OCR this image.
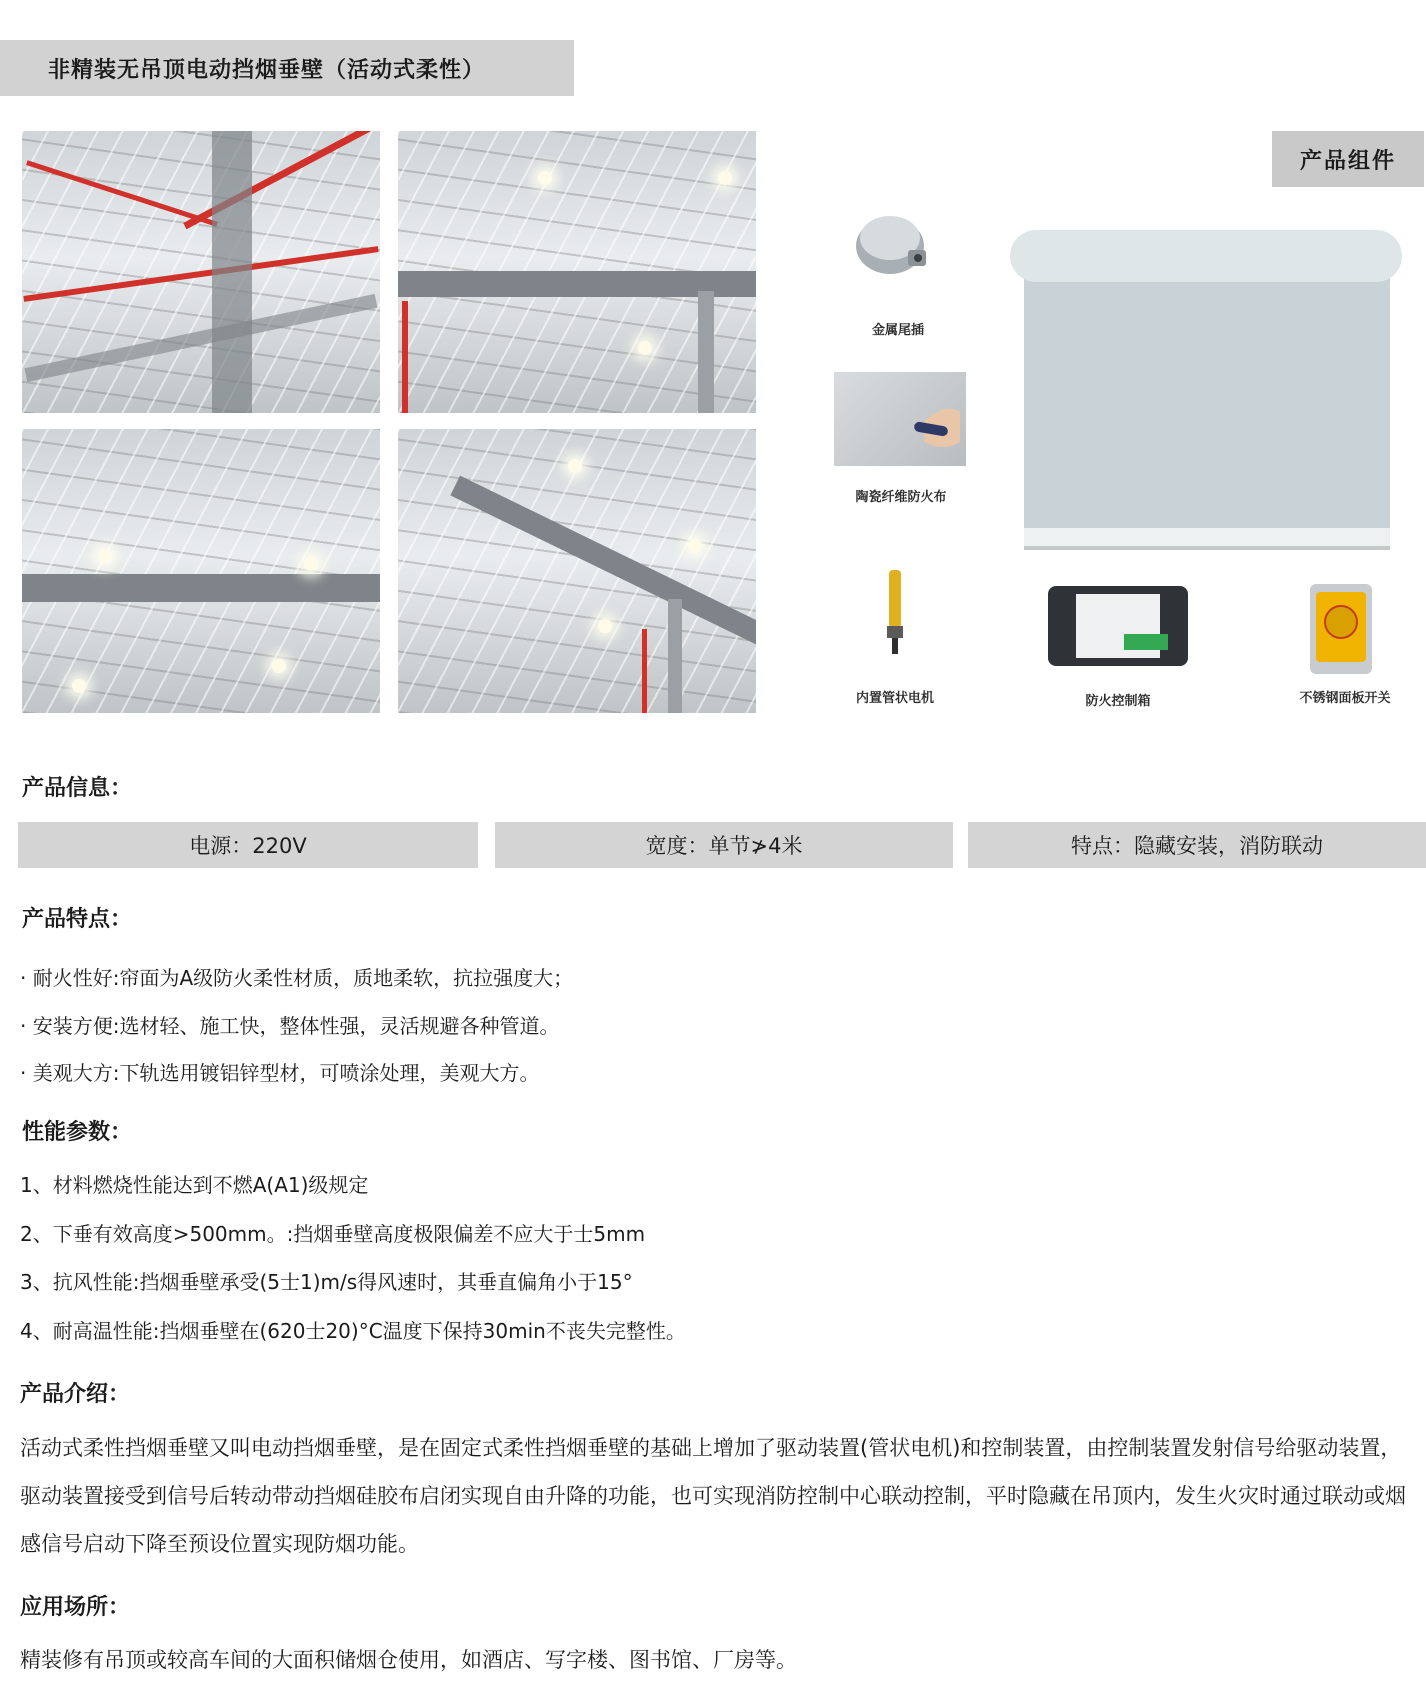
非精装无吊顶电动挡烟垂壁（活动式柔性）
产品组件
金属尾插
陶瓷纤维防火布
内置管状电机	防火控制箱	不锈钢面板开关
产品信息：
电源：220V	宽度：单节≯4米	特点：隐藏安装，消防联动
产品特点：
· 耐火性好:帘面为A级防火柔性材质，质地柔软，抗拉强度大；
· 安装方便:选材轻、施工快，整体性强，灵活规避各种管道。
· 美观大方:下轨选用镀铝锌型材，可喷涂处理，美观大方。
性能参数：
1、材料燃烧性能达到不燃A(A1)级规定
2、下垂有效高度>500mm。:挡烟垂壁高度极限偏差不应大于士5mm
3、抗风性能:挡烟垂壁承受(5士1)m/s得风速时，其垂直偏角小于15°
4、耐高温性能:挡烟垂壁在(620士20)°C温度下保持30min不丧失完整性。
产品介绍：
活动式柔性挡烟垂壁又叫电动挡烟垂壁，是在固定式柔性挡烟垂壁的基础上增加了驱动装置(管状电机)和控制装置，由控制装置发射信号给驱动装置，驱动装置接受到信号后转动带动挡烟硅胶布启闭实现自由升降的功能，也可实现消防控制中心联动控制，平时隐藏在吊顶内，发生火灾时通过联动或烟感信号启动下降至预设位置实现防烟功能。
应用场所：
精装修有吊顶或较高车间的大面积储烟仓使用，如酒店、写字楼、图书馆、厂房等。
